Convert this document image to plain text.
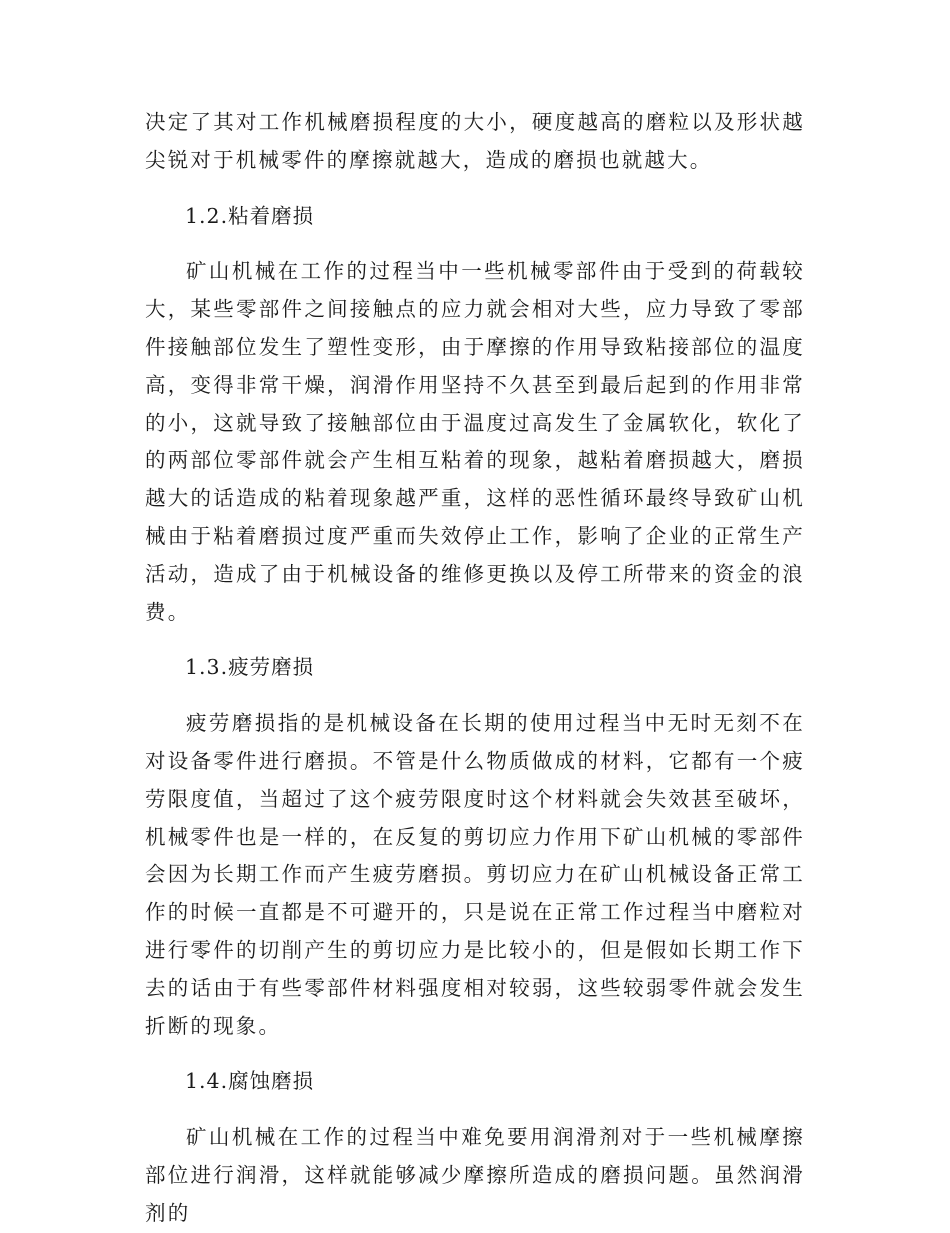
决定了其对工作机械磨损程度的大小，硬度越高的磨粒以及形状越尖锐对于机械零件的摩擦就越大，造成的磨损也就越大。

1.2.粘着磨损

矿山机械在工作的过程当中一些机械零部件由于受到的荷载较大，某些零部件之间接触点的应力就会相对大些，应力导致了零部件接触部位发生了塑性变形，由于摩擦的作用导致粘接部位的温度高，变得非常干燥，润滑作用坚持不久甚至到最后起到的作用非常的小，这就导致了接触部位由于温度过高发生了金属软化，软化了的两部位零部件就会产生相互粘着的现象，越粘着磨损越大，磨损越大的话造成的粘着现象越严重，这样的恶性循环最终导致矿山机械由于粘着磨损过度严重而失效停止工作，影响了企业的正常生产活动，造成了由于机械设备的维修更换以及停工所带来的资金的浪费。

1.3.疲劳磨损

疲劳磨损指的是机械设备在长期的使用过程当中无时无刻不在对设备零件进行磨损。不管是什么物质做成的材料，它都有一个疲劳限度值，当超过了这个疲劳限度时这个材料就会失效甚至破坏，机械零件也是一样的，在反复的剪切应力作用下矿山机械的零部件会因为长期工作而产生疲劳磨损。剪切应力在矿山机械设备正常工作的时候一直都是不可避开的，只是说在正常工作过程当中磨粒对进行零件的切削产生的剪切应力是比较小的，但是假如长期工作下去的话由于有些零部件材料强度相对较弱，这些较弱零件就会发生折断的现象。

1.4.腐蚀磨损

矿山机械在工作的过程当中难免要用润滑剂对于一些机械摩擦部位进行润滑，这样就能够减少摩擦所造成的磨损问题。虽然润滑剂的
